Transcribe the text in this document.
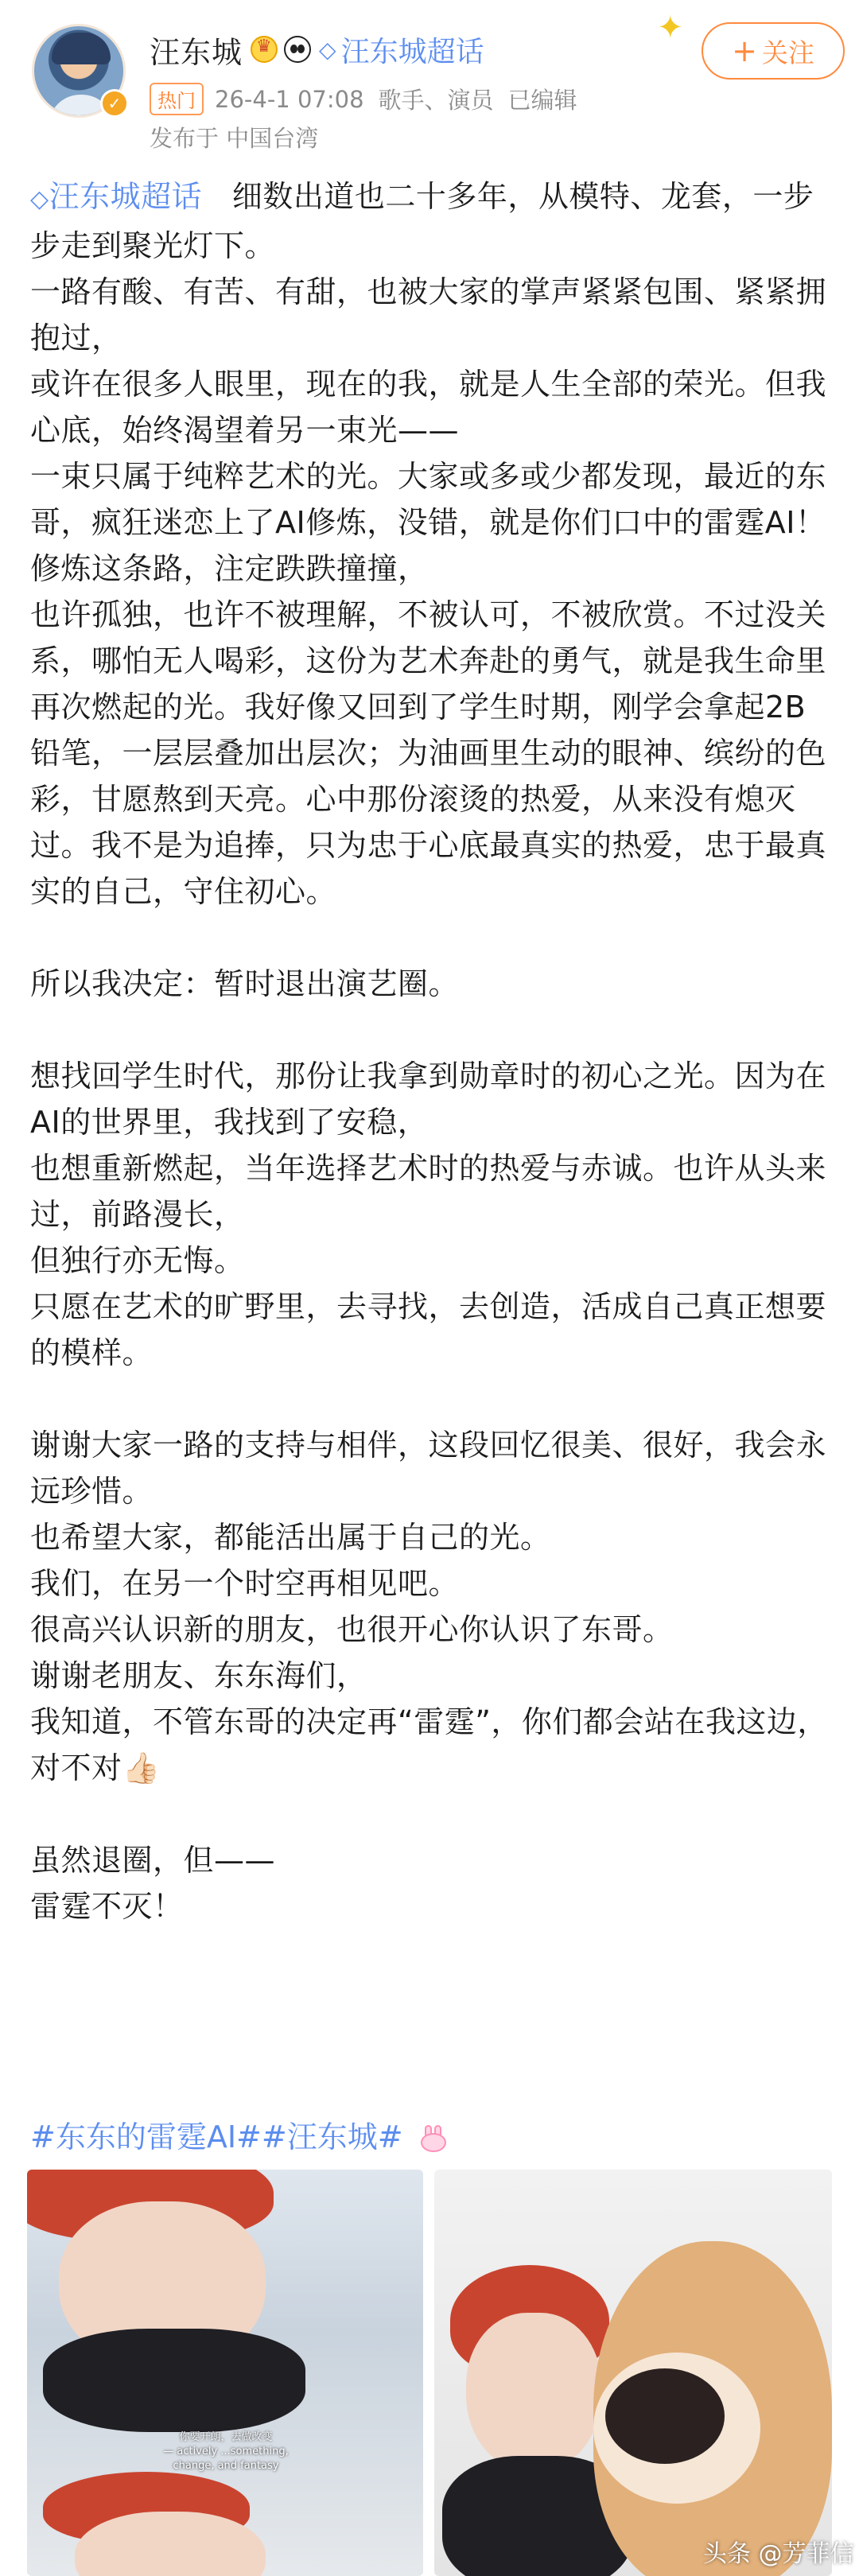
✓
汪东城
♛	◇ 汪东城超话
热门 26-4-1 07:08 歌手、演员 已编辑
发布于 中国台湾
✦
+ 关注

◇汪东城超话 细数出道也二十多年，从模特、龙套，一步步走到聚光灯下。

一路有酸、有苦、有甜，也被大家的掌声紧紧包围、紧紧拥抱过，

或许在很多人眼里，现在的我，就是人生全部的荣光。但我心底，始终渴望着另一束光——

一束只属于纯粹艺术的光。大家或多或少都发现，最近的东哥，疯狂迷恋上了AI修炼，没错，就是你们口中的雷霆AI！修炼这条路，注定跌跌撞撞，

也许孤独，也许不被理解，不被认可，不被欣赏。不过没关系，哪怕无人喝彩，这份为艺术奔赴的勇气，就是我生命里再次燃起的光。我好像又回到了学生时期，刚学会拿起2B铅笔，一层层叠加出层次；为油画里生动的眼神、缤纷的色彩，甘愿熬到天亮。心中那份滚烫的热爱，从来没有熄灭过。我不是为追捧，只为忠于心底最真实的热爱，忠于最真实的自己，守住初心。

所以我决定：暂时退出演艺圈。

想找回学生时代，那份让我拿到勋章时的初心之光。因为在AI的世界里，我找到了安稳，

也想重新燃起，当年选择艺术时的热爱与赤诚。也许从头来过，前路漫长，

但独行亦无悔。

只愿在艺术的旷野里，去寻找，去创造，活成自己真正想要的模样。

谢谢大家一路的支持与相伴，这段回忆很美、很好，我会永远珍惜。

也希望大家，都能活出属于自己的光。

我们，在另一个时空再相见吧。

很高兴认识新的朋友，也很开心你认识了东哥。

谢谢老朋友、东东海们，

我知道，不管东哥的决定再“雷霆”，你们都会站在我这边，对不对👍🏻

虽然退圈，但——

雷霆不灭！

#东东的雷霆AI##汪东城#
你要开朗，去做改变
— actively ...something, change, and fantasy
头条 @芳菲信
